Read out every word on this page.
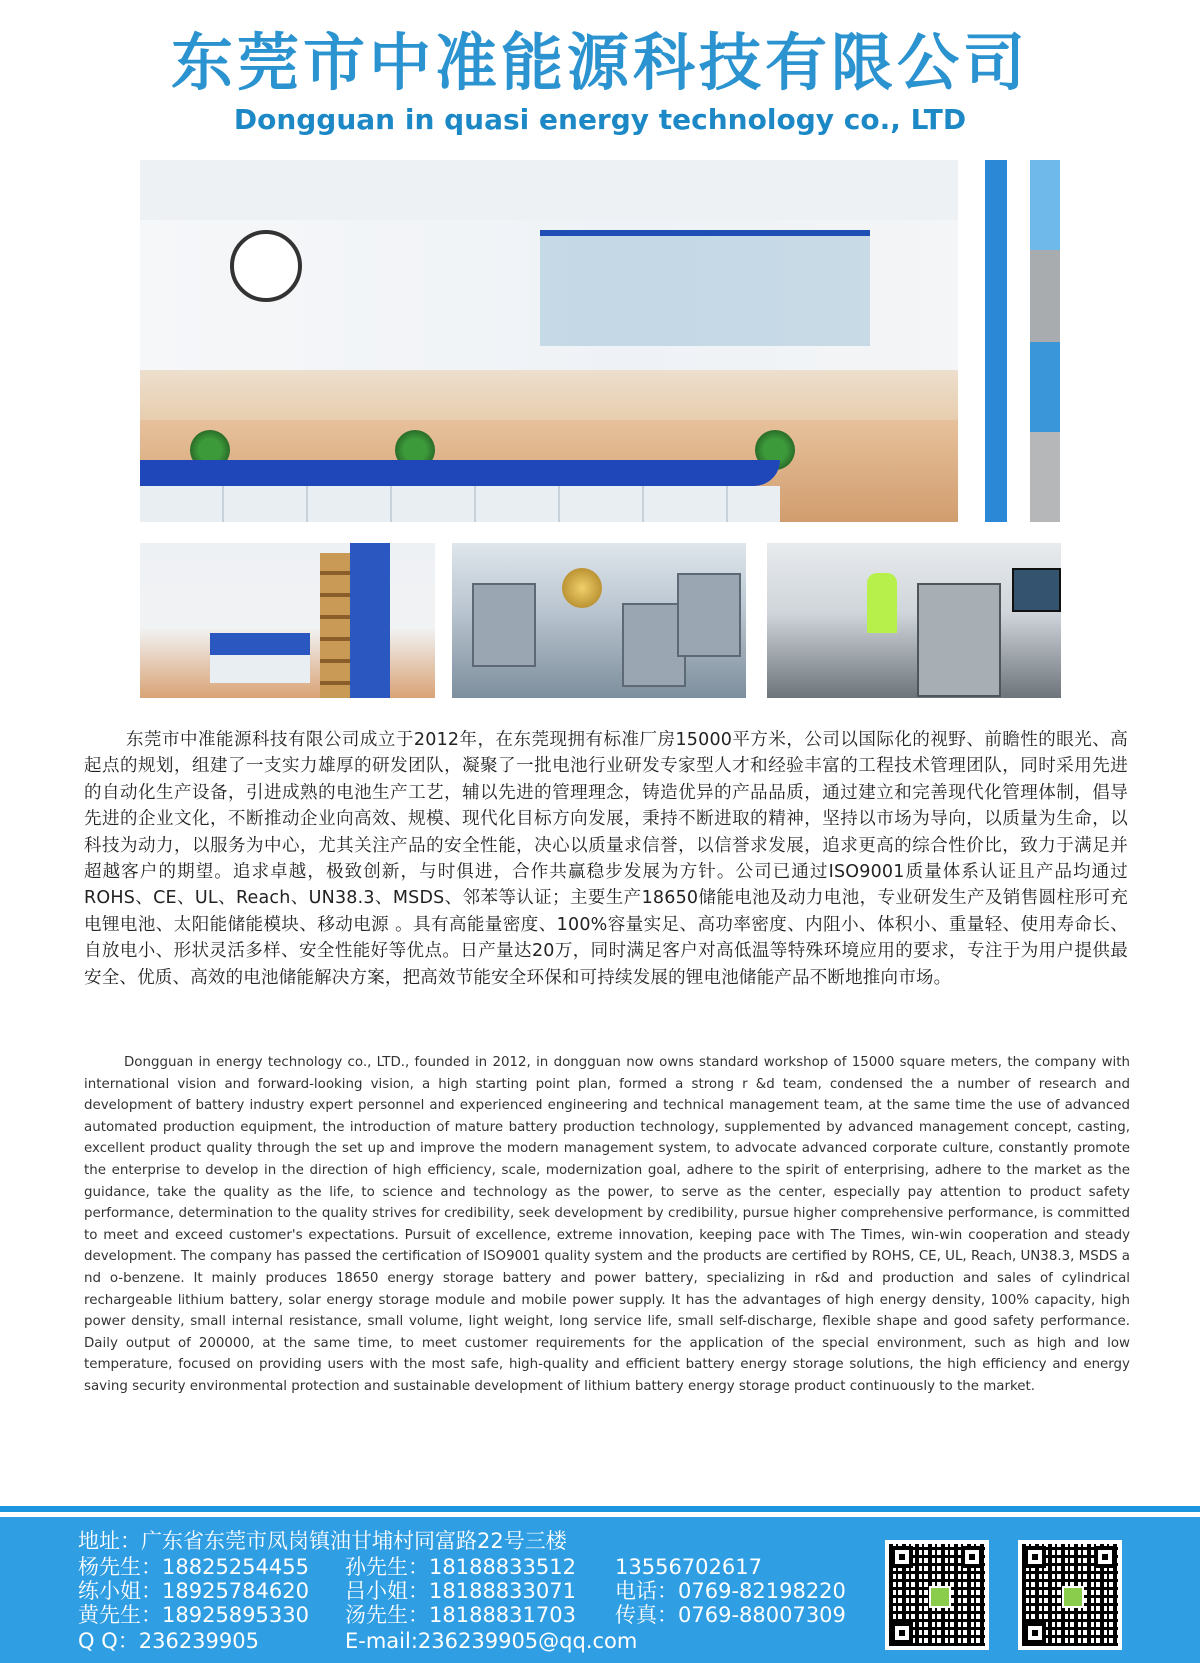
东莞市中准能源科技有限公司
Dongguan in quasi energy technology co., LTD

东莞市中准能源科技有限公司成立于2012年，在东莞现拥有标准厂房15000平方米，公司以国际化的视野、前瞻性的眼光、高起点的规划，组建了一支实力雄厚的研发团队，凝聚了一批电池行业研发专家型人才和经验丰富的工程技术管理团队，同时采用先进的自动化生产设备，引进成熟的电池生产工艺，辅以先进的管理理念，铸造优异的产品品质，通过建立和完善现代化管理体制，倡导先进的企业文化，不断推动企业向高效、规模、现代化目标方向发展，秉持不断进取的精神，坚持以市场为导向，以质量为生命，以科技为动力，以服务为中心，尤其关注产品的安全性能，决心以质量求信誉，以信誉求发展，追求更高的综合性价比，致力于满足并超越客户的期望。追求卓越，极致创新，与时俱进，合作共赢稳步发展为方针。公司已通过ISO9001质量体系认证且产品均通过ROHS、CE、UL、Reach、UN38.3、MSDS、邻苯等认证；主要生产18650储能电池及动力电池，专业研发生产及销售圆柱形可充电锂电池、太阳能储能模块、移动电源 。具有高能量密度、100%容量实足、高功率密度、内阻小、体积小、重量轻、使用寿命长、自放电小、形状灵活多样、安全性能好等优点。日产量达20万，同时满足客户对高低温等特殊环境应用的要求，专注于为用户提供最安全、优质、高效的电池储能解决方案，把高效节能安全环保和可持续发展的锂电池储能产品不断地推向市场。

Dongguan in energy technology co., LTD., founded in 2012, in dongguan now owns standard workshop of 15000 square meters, the company with international vision and forward-looking vision, a high starting point plan, formed a strong r &d team, condensed the a number of research and development of battery industry expert personnel and experienced engineering and technical management team, at the same time the use of advanced automated production equipment, the introduction of mature battery production technology, supplemented by advanced management concept, casting, excellent product quality through the set up and improve the modern management system, to advocate advanced corporate culture, constantly promote the enterprise to develop in the direction of high efficiency, scale, modernization goal, adhere to the spirit of enterprising, adhere to the market as the guidance, take the quality as the life, to science and technology as the power, to serve as the center, especially pay attention to product safety performance, determination to the quality strives for credibility, seek development by credibility, pursue higher comprehensive performance, is committed to meet and exceed customer's expectations. Pursuit of excellence, extreme innovation, keeping pace with The Times, win-win cooperation and steady development. The company has passed the certification of ISO9001 quality system and the products are certified by ROHS, CE, UL, Reach, UN38.3, MSDS a nd o-benzene. It mainly produces 18650 energy storage battery and power battery, specializing in r&d and production and sales of cylindrical rechargeable lithium battery, solar energy storage module and mobile power supply. It has the advantages of high energy density, 100% capacity, high power density, small internal resistance, small volume, light weight, long service life, small self-discharge, flexible shape and good safety performance. Daily output of 200000, at the same time, to meet customer requirements for the application of the special environment, such as high and low temperature, focused on providing users with the most safe, high-quality and efficient battery energy storage solutions, the high efficiency and energy saving security environmental protection and sustainable development of lithium battery energy storage product continuously to the market.

地址：广东省东莞市凤岗镇油甘埔村同富路22号三楼
杨先生：18825254455 孙先生：18188833512 13556702617
练小姐：18925784620 吕小姐：18188833071 电话：0769-82198220
黄先生：18925895330 汤先生：18188831703 传真：0769-88007309
Q Q：236239905	E-mail:236239905@qq.com
